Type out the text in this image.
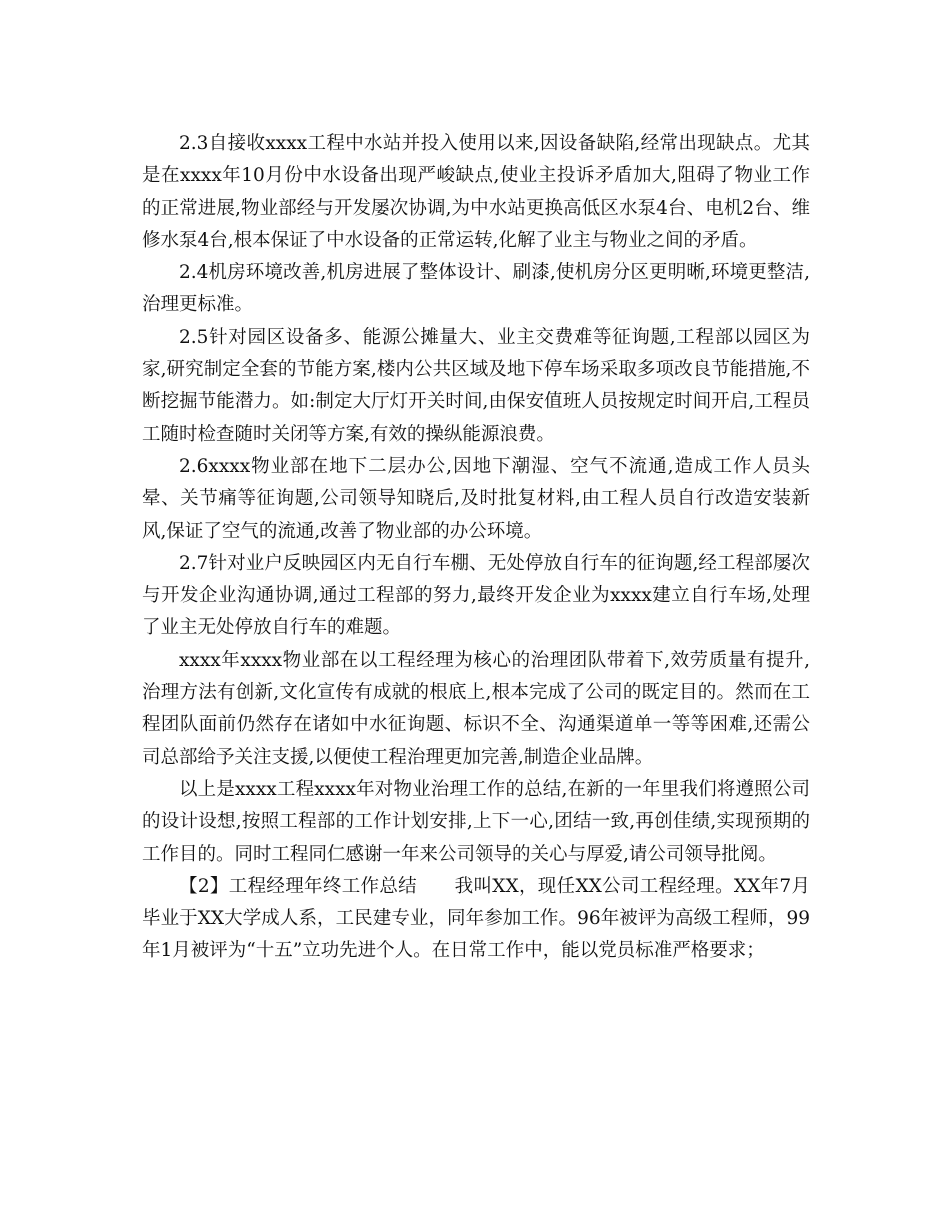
2.3自接收xxxx工程中水站并投入使用以来,因设备缺陷,经常出现缺点。尤其是在xxxx年10月份中水设备出现严峻缺点,使业主投诉矛盾加大,阻碍了物业工作的正常进展,物业部经与开发屡次协调,为中水站更换高低区水泵4台、电机2台、维修水泵4台,根本保证了中水设备的正常运转,化解了业主与物业之间的矛盾。

2.4机房环境改善,机房进展了整体设计、刷漆,使机房分区更明晰,环境更整洁,治理更标准。

2.5针对园区设备多、能源公摊量大、业主交费难等征询题,工程部以园区为家,研究制定全套的节能方案,楼内公共区域及地下停车场采取多项改良节能措施,不断挖掘节能潜力。如:制定大厅灯开关时间,由保安值班人员按规定时间开启,工程员工随时检查随时关闭等方案,有效的操纵能源浪费。

2.6xxxx物业部在地下二层办公,因地下潮湿、空气不流通,造成工作人员头晕、关节痛等征询题,公司领导知晓后,及时批复材料,由工程人员自行改造安装新风,保证了空气的流通,改善了物业部的办公环境。

2.7针对业户反映园区内无自行车棚、无处停放自行车的征询题,经工程部屡次与开发企业沟通协调,通过工程部的努力,最终开发企业为xxxx建立自行车场,处理了业主无处停放自行车的难题。

xxxx年xxxx物业部在以工程经理为核心的治理团队带着下,效劳质量有提升,治理方法有创新,文化宣传有成就的根底上,根本完成了公司的既定目的。然而在工程团队面前仍然存在诸如中水征询题、标识不全、沟通渠道单一等等困难,还需公司总部给予关注支援,以便使工程治理更加完善,制造企业品牌。

以上是xxxx工程xxxx年对物业治理工作的总结,在新的一年里我们将遵照公司的设计设想,按照工程部的工作计划安排,上下一心,团结一致,再创佳绩,实现预期的工作目的。同时工程同仁感谢一年来公司领导的关心与厚爱,请公司领导批阅。

【2】工程经理年终工作总结　　我叫XX，现任XX公司工程经理。XX年7月毕业于XX大学成人系，工民建专业，同年参加工作。96年被评为高级工程师，99年1月被评为“十五”立功先进个人。在日常工作中，能以党员标准严格要求；
